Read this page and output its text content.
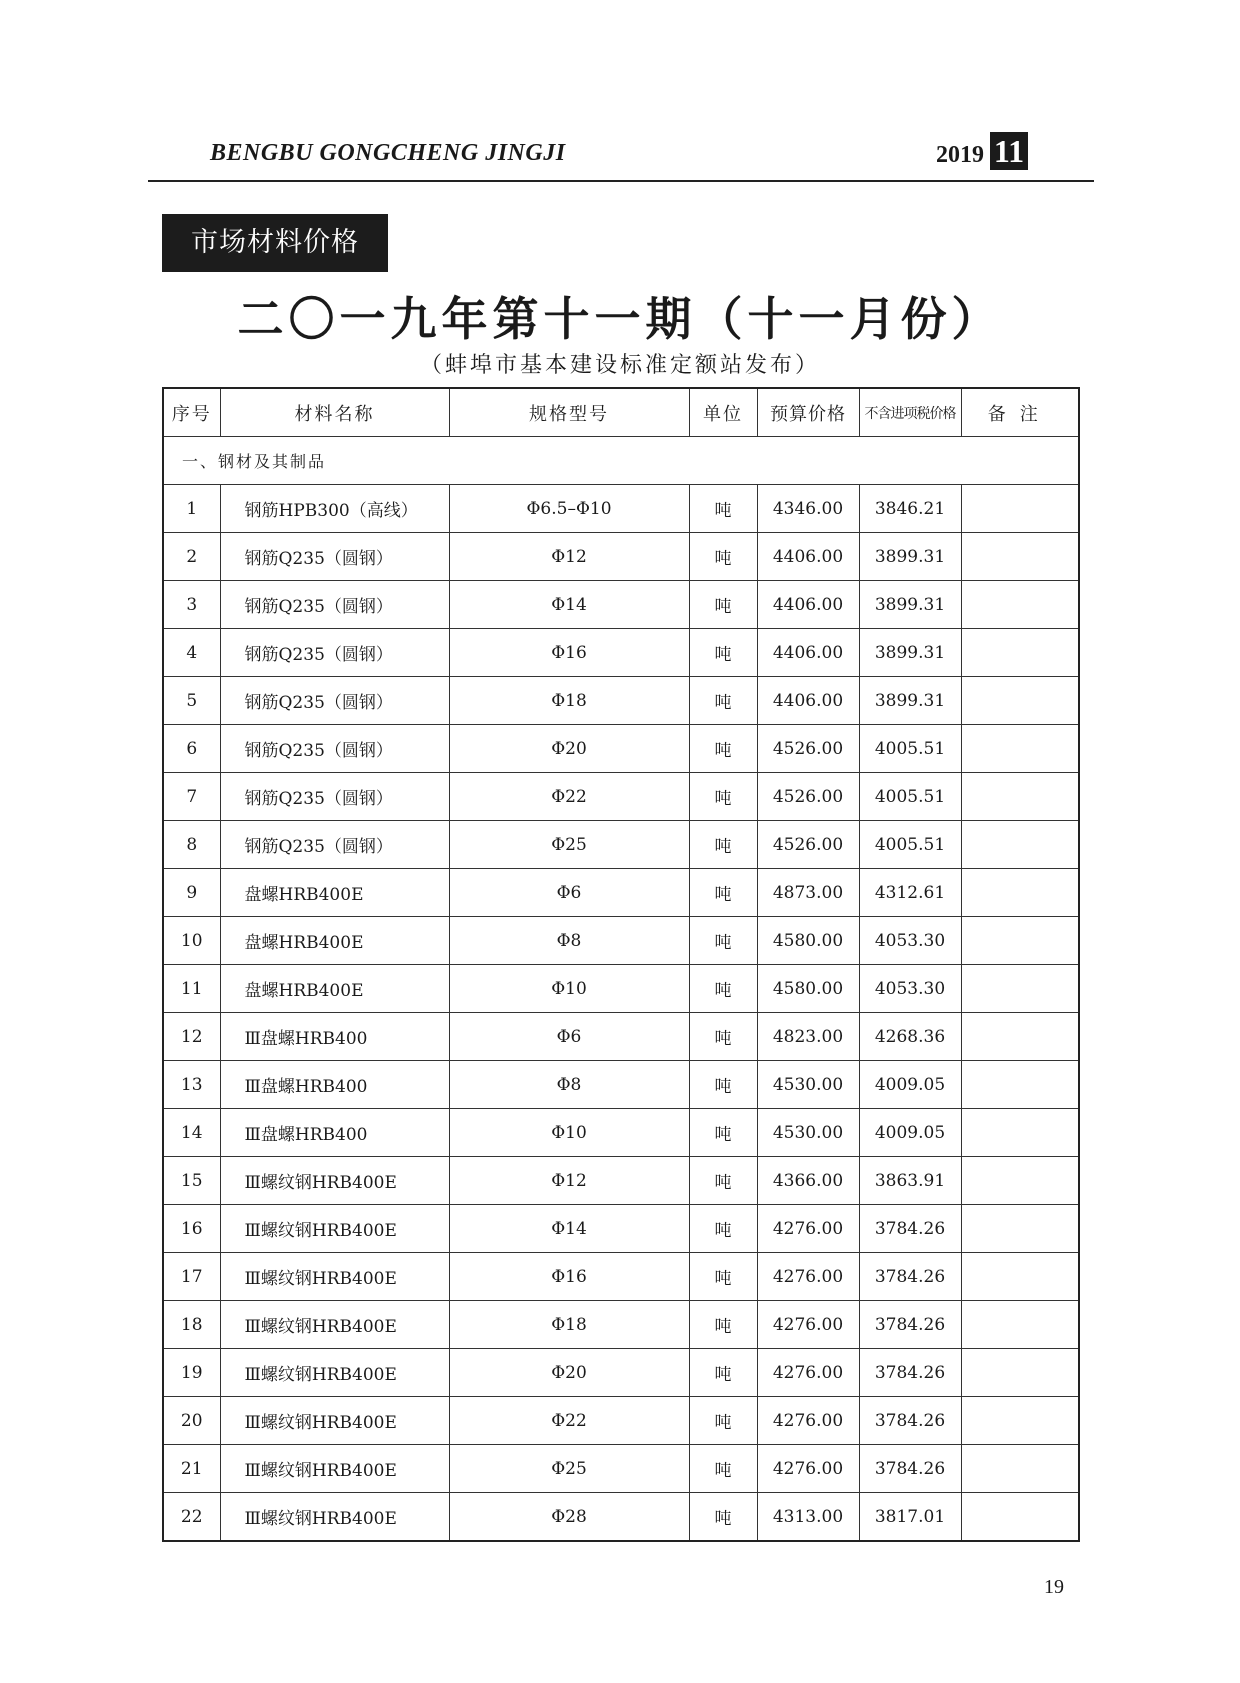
BENGBU GONGCHENG JINGJI	2019 11
市场材料价格
二〇一九年第十一期（十一月份）
（蚌埠市基本建设标准定额站发布）
序号	材料名称	规格型号	单位	预算价格	不含进项税价格	备注
一、钢材及其制品						
1	钢筋HPB300（高线）	Φ6.5–Φ10	吨	4346.00	3846.21	
2	钢筋Q235（圆钢）	Φ12	吨	4406.00	3899.31	
3	钢筋Q235（圆钢）	Φ14	吨	4406.00	3899.31	
4	钢筋Q235（圆钢）	Φ16	吨	4406.00	3899.31	
5	钢筋Q235（圆钢）	Φ18	吨	4406.00	3899.31	
6	钢筋Q235（圆钢）	Φ20	吨	4526.00	4005.51	
7	钢筋Q235（圆钢）	Φ22	吨	4526.00	4005.51	
8	钢筋Q235（圆钢）	Φ25	吨	4526.00	4005.51	
9	盘螺HRB400E	Φ6	吨	4873.00	4312.61	
10	盘螺HRB400E	Φ8	吨	4580.00	4053.30	
11	盘螺HRB400E	Φ10	吨	4580.00	4053.30	
12	Ⅲ盘螺HRB400	Φ6	吨	4823.00	4268.36	
13	Ⅲ盘螺HRB400	Φ8	吨	4530.00	4009.05	
14	Ⅲ盘螺HRB400	Φ10	吨	4530.00	4009.05	
15	Ⅲ螺纹钢HRB400E	Φ12	吨	4366.00	3863.91	
16	Ⅲ螺纹钢HRB400E	Φ14	吨	4276.00	3784.26	
17	Ⅲ螺纹钢HRB400E	Φ16	吨	4276.00	3784.26	
18	Ⅲ螺纹钢HRB400E	Φ18	吨	4276.00	3784.26	
19	Ⅲ螺纹钢HRB400E	Φ20	吨	4276.00	3784.26	
20	Ⅲ螺纹钢HRB400E	Φ22	吨	4276.00	3784.26	
21	Ⅲ螺纹钢HRB400E	Φ25	吨	4276.00	3784.26	
22	Ⅲ螺纹钢HRB400E	Φ28	吨	4313.00	3817.01	
19
